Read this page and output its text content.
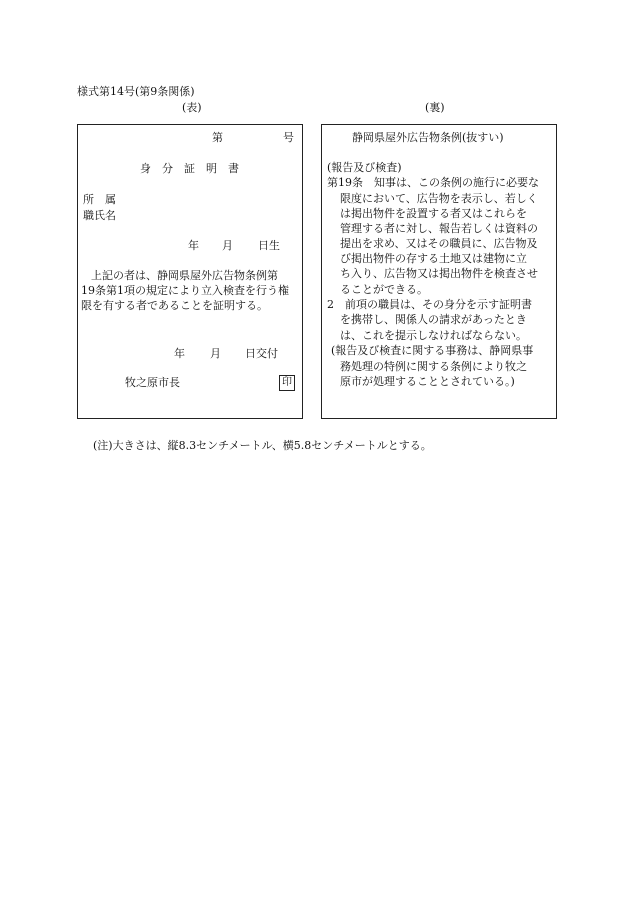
様式第14号(第9条関係)
(表)	(裏)
第	号
身　分　証　明　書
所　属
職氏名
年 月 日生
上記の者は、静岡県屋外広告物条例第
19条第1項の規定により立入検査を行う権
限を有する者であることを証明する。
年 月 日交付
牧之原市長	印
静岡県屋外広告物条例(抜すい)
(報告及び検査)
第19条　知事は、この条例の施行に必要な
限度において、広告物を表示し、若しく
は掲出物件を設置する者又はこれらを
管理する者に対し、報告若しくは資料の
提出を求め、又はその職員に、広告物及
び掲出物件の存する土地又は建物に立
ち入り、広告物又は掲出物件を検査させ
ることができる。
2　前項の職員は、その身分を示す証明書
を携帯し、関係人の請求があったとき
は、これを提示しなければならない。
(報告及び検査に関する事務は、静岡県事
務処理の特例に関する条例により牧之
原市が処理することとされている。)
(注)大きさは、縦8.3センチメートル、横5.8センチメートルとする。
